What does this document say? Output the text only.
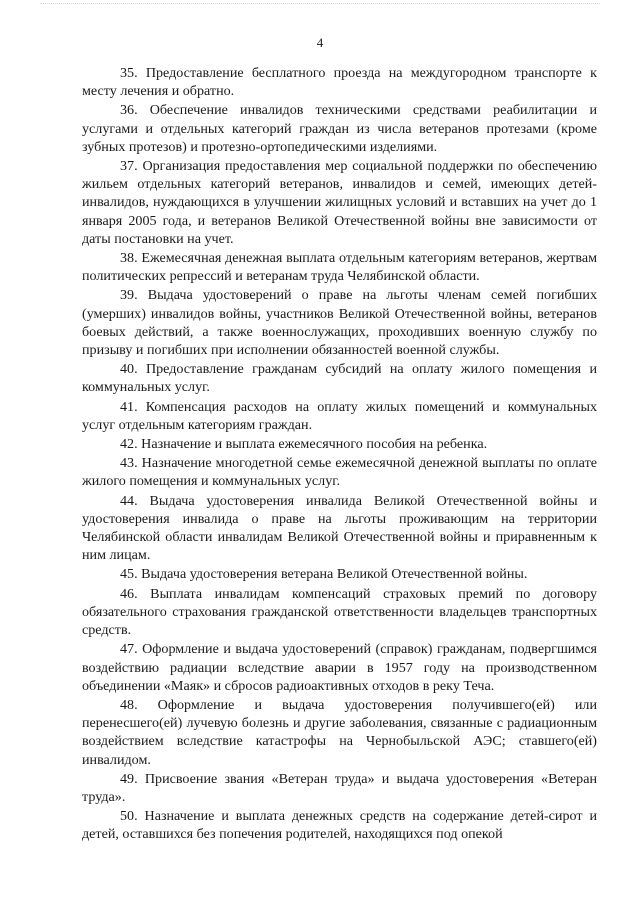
4

35. Предоставление бесплатного проезда на междугородном транспорте к месту лечения и обратно.

36. Обеспечение инвалидов техническими средствами реабилитации и услугами и отдельных категорий граждан из числа ветеранов протезами (кроме зубных протезов) и протезно-ортопедическими изделиями.

37. Организация предоставления мер социальной поддержки по обеспечению жильем отдельных категорий ветеранов, инвалидов и семей, имеющих детей-инвалидов, нуждающихся в улучшении жилищных условий и вставших на учет до 1 января 2005 года, и ветеранов Великой Отечественной войны вне зависимости от даты постановки на учет.

38. Ежемесячная денежная выплата отдельным категориям ветеранов, жертвам политических репрессий и ветеранам труда Челябинской области.

39. Выдача удостоверений о праве на льготы членам семей погибших (умерших) инвалидов войны, участников Великой Отечественной войны, ветеранов боевых действий, а также военнослужащих, проходивших военную службу по призыву и погибших при исполнении обязанностей военной службы.

40. Предоставление гражданам субсидий на оплату жилого помещения и коммунальных услуг.

41. Компенсация расходов на оплату жилых помещений и коммунальных услуг отдельным категориям граждан.

42. Назначение и выплата ежемесячного пособия на ребенка.

43. Назначение многодетной семье ежемесячной денежной выплаты по оплате жилого помещения и коммунальных услуг.

44. Выдача удостоверения инвалида Великой Отечественной войны и удостоверения инвалида о праве на льготы проживающим на территории Челябинской области инвалидам Великой Отечественной войны и приравненным к ним лицам.

45. Выдача удостоверения ветерана Великой Отечественной войны.

46. Выплата инвалидам компенсаций страховых премий по договору обязательного страхования гражданской ответственности владельцев транспортных средств.

47. Оформление и выдача удостоверений (справок) гражданам, подвергшимся воздействию радиации вследствие аварии в 1957 году на производственном объединении «Маяк» и сбросов радиоактивных отходов в реку Теча.

48. Оформление и выдача удостоверения получившего(ей) или перенесшего(ей) лучевую болезнь и другие заболевания, связанные с радиационным воздействием вследствие катастрофы на Чернобыльской АЭС; ставшего(ей) инвалидом.

49. Присвоение звания «Ветеран труда» и выдача удостоверения «Ветеран труда».

50. Назначение и выплата денежных средств на содержание детей-сирот и детей, оставшихся без попечения родителей, находящихся под опекой
